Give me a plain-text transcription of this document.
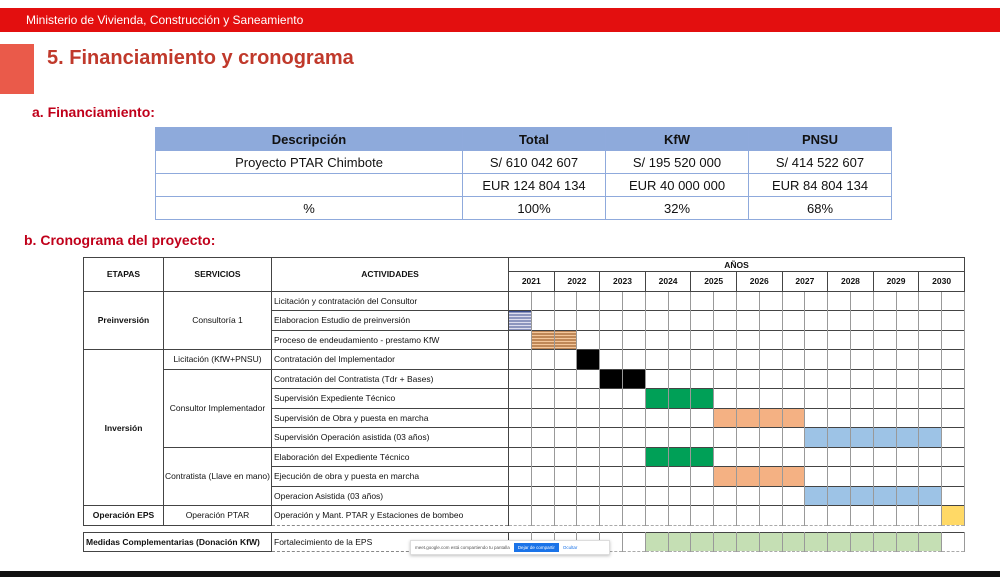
Ministerio de Vivienda, Construcción y Saneamiento
5. Financiamiento y cronograma
a. Financiamiento:
Descripción	Total	KfW	PNSU
Proyecto PTAR Chimbote	S/ 610 042 607	S/ 195 520 000	S/ 414 522 607
	EUR 124 804 134	EUR 40 000 000	EUR 84 804 134
%	100%	32%	68%
b. Cronograma del proyecto:
ETAPAS	SERVICIOS	ACTIVIDADES	AÑOS																			
			2021		2022		2023		2024		2025		2026		2027		2028		2029		2030	
Preinversión	Consultoría 1	Licitación y contratación del Consultor																				
		Elaboracion Estudio de preinversión																				
		Proceso de endeudamiento - prestamo KfW																				
Inversión	Licitación (KfW+PNSU)	Contratación del Implementador																				
	Consultor Implementador	Contratación del Contratista (Tdr + Bases)																				
		Supervisión Expediente Técnico																				
		Supervisión de Obra y puesta en marcha																				
		Supervisión Operación asistida (03 años)																				
	Contratista (Llave en mano)	Elaboración del Expediente Técnico																				
		Ejecución de obra y puesta en marcha																				
		Operacion Asistida (03 años)																				
Operación EPS	Operación PTAR	Operación y Mant. PTAR y Estaciones de bombeo																				

Medidas Complementarias (Donación KfW)		Fortalecimiento de la EPS																				
meet.google.com está compartiendo tu pantalla	Dejar de compartir	Ocultar
